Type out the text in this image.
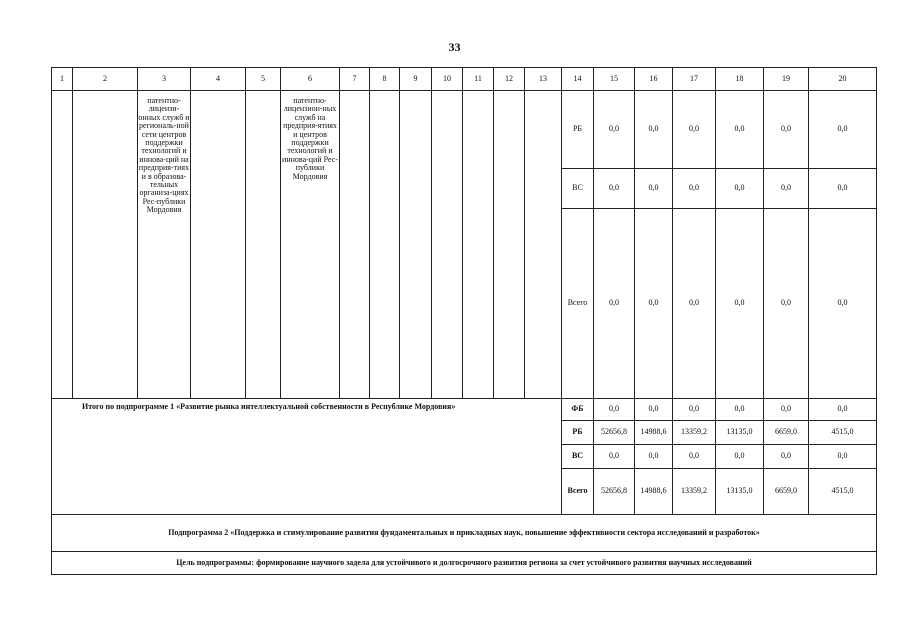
33
1	2	3	4	5	6	7	8	9	10	11	12	13	14	15	16	17	18	19	20
		патентно-лицензи-онных служб и региональ-ной сети центров поддержки технологий и иннова-ций на предприя-тиях и в образова-тельных организа-циях Рес-публики Мордовия			патентно-лицензион-ных служб на предприя-ятиях и центров поддержки технологий и иннова-ций Рес-публики Мордовия								РБ	0,0	0,0	0,0	0,0	0,0	0,0
													ВС	0,0	0,0	0,0	0,0	0,0	0,0
													Всего	0,0	0,0	0,0	0,0	0,0	0,0
Итого по подпрограмме 1 «Развитие рынка интеллектуальной собственности в Республике Мордовия»													ФБ	0,0	0,0	0,0	0,0	0,0	0,0
													РБ	52656,8	14988,6	13359,2	13135,0	6659,0	4515,0
													ВС	0,0	0,0	0,0	0,0	0,0	0,0
													Всего	52656,8	14988,6	13359,2	13135,0	6659,0	4515,0
Подпрограмма 2 «Поддержка и стимулирование развития фундаментальных и прикладных наук, повышение эффективности сектора исследований и разработок»																			
Цель подпрограммы: формирование научного задела для устойчивого и долгосрочного развития региона за счет устойчивого развития научных исследований																			
